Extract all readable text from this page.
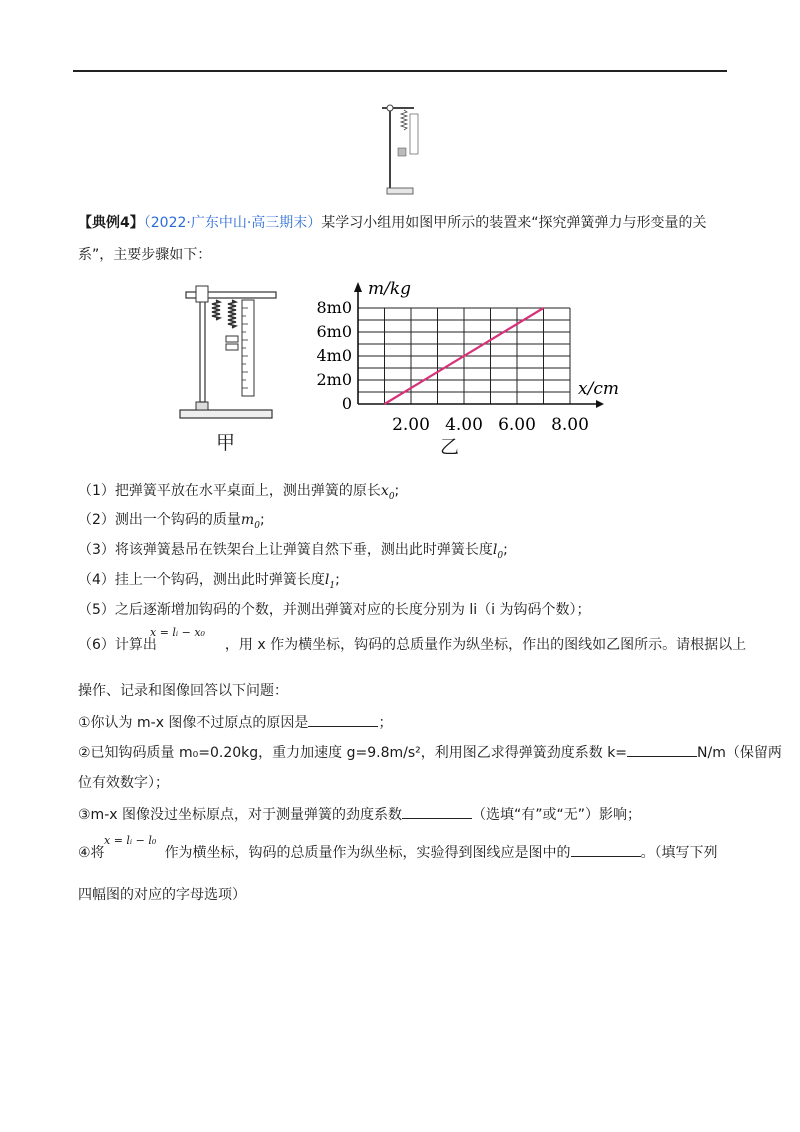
【典例4】（2022·广东中山·高三期末）某学习小组用如图甲所示的装置来“探究弹簧弹力与形变量的关
系”，主要步骤如下：
甲
m/kg
x/cm
2.00 4.00 6.00 8.00
0
2m0
4m0
6m0
8m0
乙
（1）把弹簧平放在水平桌面上，测出弹簧的原长$x_0$;
（2）测出一个钩码的质量$m_0$;
（3）将该弹簧悬吊在铁架台上让弹簧自然下垂，测出此时弹簧长度$l_0$;
（4）挂上一个钩码，测出此时弹簧长度$l_1$;
（5）之后逐渐增加钩码的个数，并测出弹簧对应的长度分别为 li（i 为钩码个数）；
（6）计算出	，用 x 作为横坐标，钩码的总质量作为纵坐标，作出的图线如乙图所示。请根据以上
x = lᵢ − x₀
操作、记录和图像回答以下问题：
①你认为 m-x 图像不过原点的原因是	；
②已知钩码质量 m₀=0.20kg，重力加速度 g=9.8m/s²，利用图乙求得弹簧劲度系数 k=	N/m（保留两
位有效数字）；
③m-x 图像没过坐标原点，对于测量弹簧的劲度系数	（选填“有”或“无”）影响；
④将	作为横坐标，钩码的总质量作为纵坐标，实验得到图线应是图中的	。（填写下列
x = lᵢ − l₀
四幅图的对应的字母选项）
